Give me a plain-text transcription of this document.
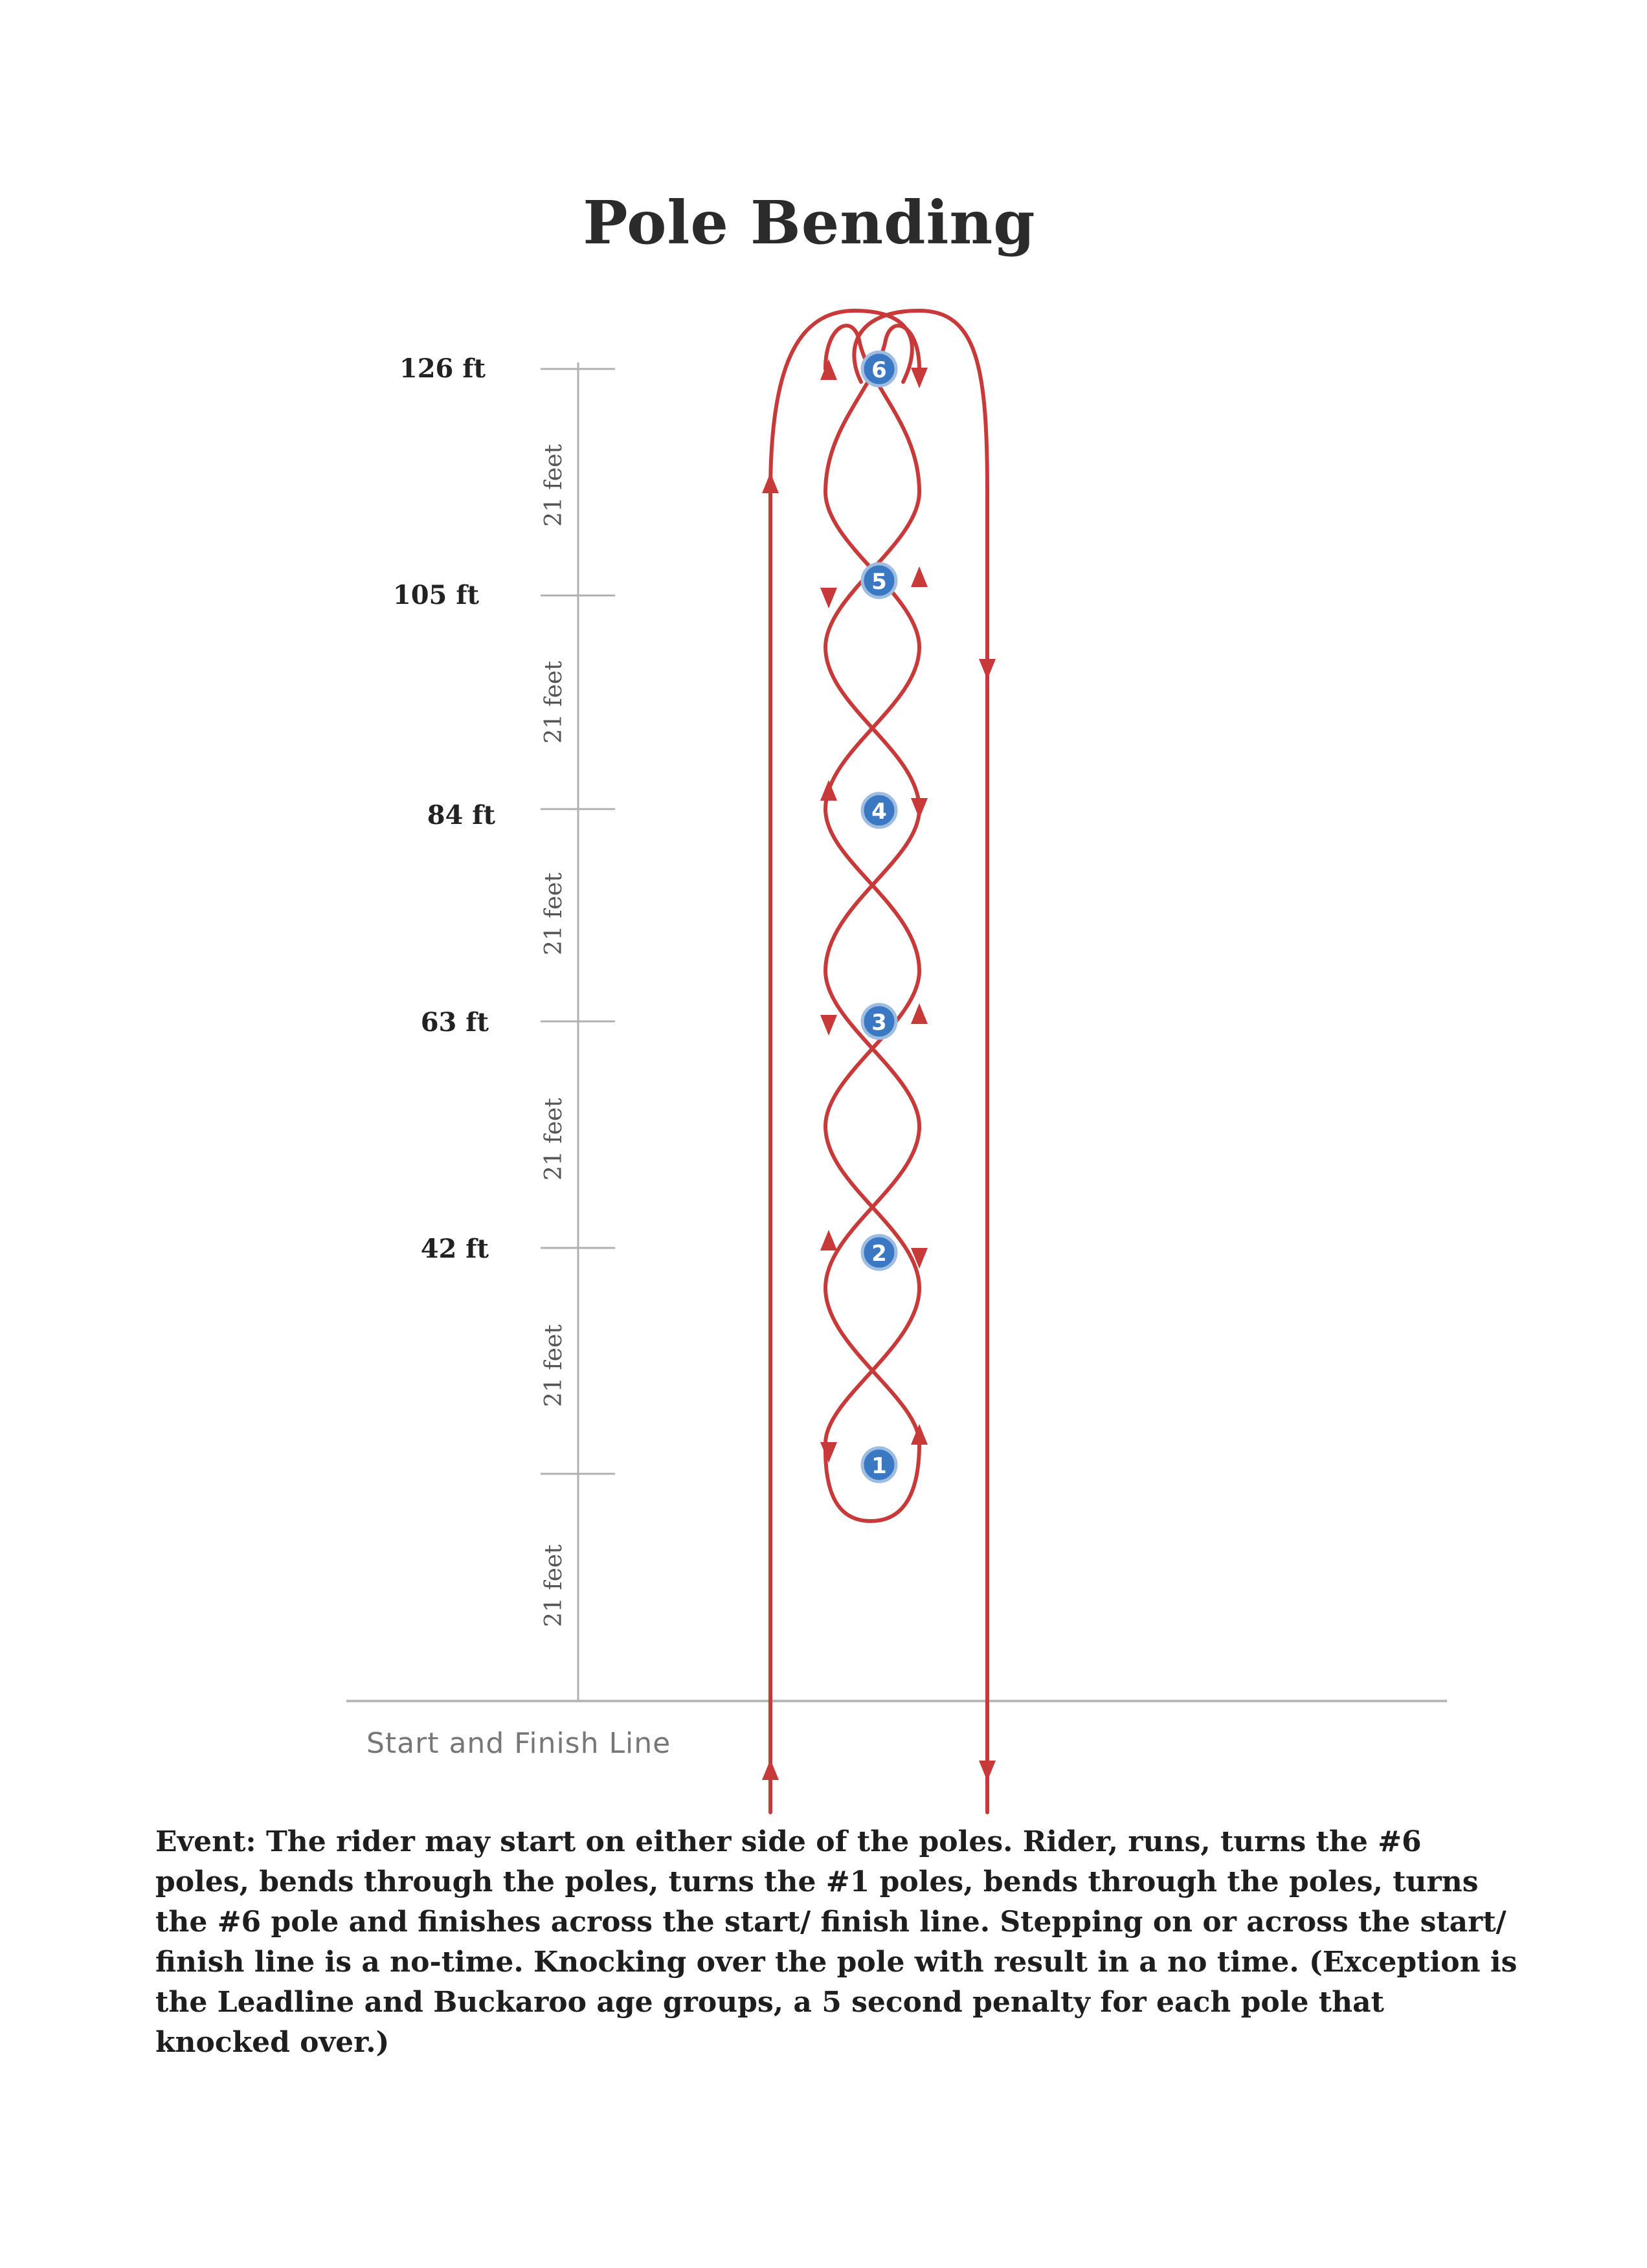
Pole Bending
126 ft
105 ft
84 ft
63 ft
42 ft
21 feet
21 feet
21 feet
21 feet
21 feet
21 feet
Start and Finish Line
6
5
4
3
2
1
Event: The rider may start on either side of the poles. Rider, runs, turns the #6 poles, bends through the poles, turns the #1 poles, bends through the poles, turns the #6 pole and finishes across the start/ finish line. Stepping on or across the start/ finish line is a no-time. Knocking over the pole with result in a no time. (Exception is the Leadline and Buckaroo age groups, a 5 second penalty for each pole that knocked over.)
